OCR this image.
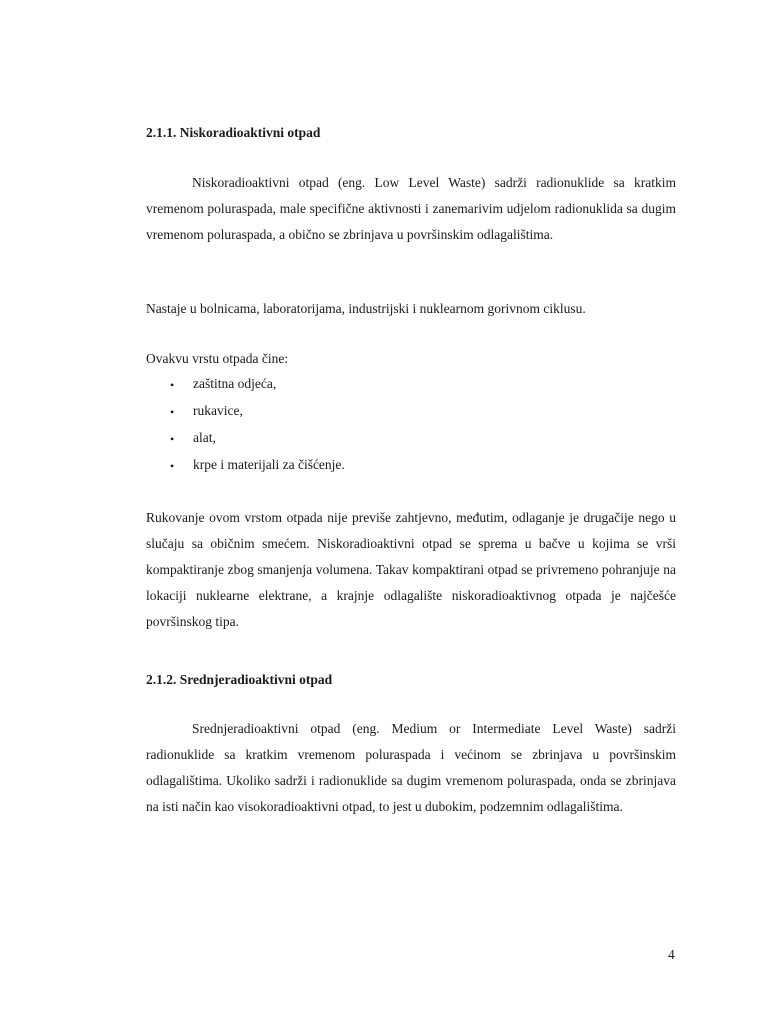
2.1.1. Niskoradioaktivni otpad

Niskoradioaktivni otpad (eng. Low Level Waste) sadrži radionuklide sa kratkim vremenom poluraspada, male specifične aktivnosti i zanemarivim udjelom radionuklida sa dugim vremenom poluraspada, a obično se zbrinjava u površinskim odlagalištima.

Nastaje u bolnicama, laboratorijama, industrijski i nuklearnom gorivnom ciklusu.

Ovakvu vrstu otpada čine:

• zaštitna odjeća,
• rukavice,
• alat,
• krpe i materijali za čišćenje.

Rukovanje ovom vrstom otpada nije previše zahtjevno, međutim, odlaganje je drugačije nego u slučaju sa običnim smećem. Niskoradioaktivni otpad se sprema u bačve u kojima se vrši kompaktiranje zbog smanjenja volumena. Takav kompaktirani otpad se privremeno pohranjuje na lokaciji nuklearne elektrane, a krajnje odlagalište niskoradioaktivnog otpada je najčešće površinskog tipa.

2.1.2. Srednjeradioaktivni otpad

Srednjeradioaktivni otpad (eng. Medium or Intermediate Level Waste) sadrži radionuklide sa kratkim vremenom poluraspada i većinom se zbrinjava u površinskim odlagalištima. Ukoliko sadrži i radionuklide sa dugim vremenom poluraspada, onda se zbrinjava na isti način kao visokoradioaktivni otpad, to jest u dubokim, podzemnim odlagalištima.

4
